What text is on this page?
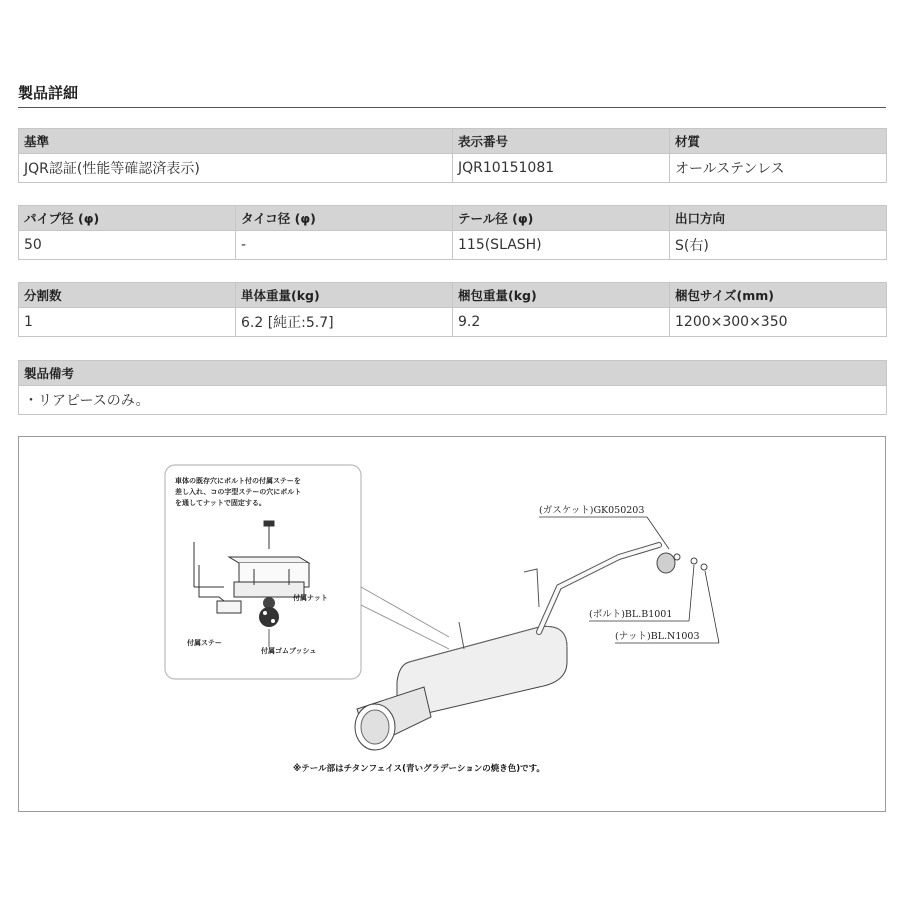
製品詳細
基準	表示番号	材質
JQR認証(性能等確認済表示)	JQR10151081	オールステンレス
パイプ径 (φ)	タイコ径 (φ)	テール径 (φ)	出口方向
50	-	115(SLASH)	S(右)
分割数	単体重量(kg)	梱包重量(kg)	梱包サイズ(mm)
1	6.2 [純正:5.7]	9.2	1200×300×350
製品備考
・リアピースのみ。
車体の既存穴にボルト付の付属ステーを
差し入れ、コの字型ステーの穴にボルト
を通してナットで固定する。
付属ナット
付属ステー
付属ゴムブッシュ
(ガスケット)GK050203
(ボルト)BL.B1001
(ナット)BL.N1003
※テール部はチタンフェイス(青いグラデーションの焼き色)です。
